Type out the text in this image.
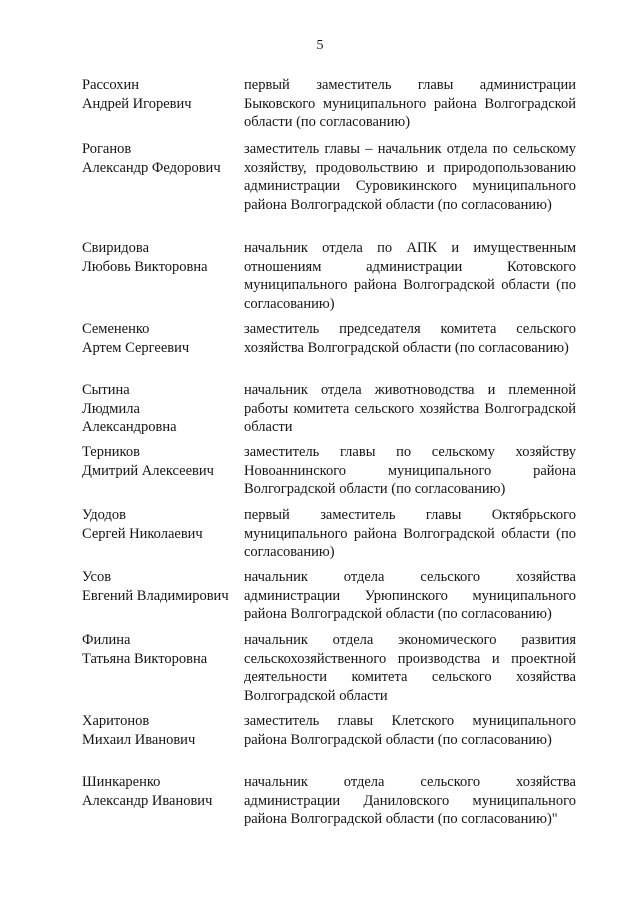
5
Рассохин
Андрей Игоревич
первый заместитель главы администрации Быковского муниципального района Волгоградской области (по согласованию)
Роганов
Александр Федорович
заместитель главы – начальник отдела по сельскому хозяйству, продовольствию и природопользованию администрации Суровикинского муниципального района Волгоградской области (по согласованию)
Свиридова
Любовь Викторовна
начальник отдела по АПК и имущественным отношениям администрации Котовского муниципального района Волгоградской области (по согласованию)
Семененко
Артем Сергеевич
заместитель председателя комитета сельского хозяйства Волгоградской области (по согласованию)
Сытина
Людмила
Александровна
начальник отдела животноводства и племенной работы комитета сельского хозяйства Волгоградской области
Терников
Дмитрий Алексеевич
заместитель главы по сельскому хозяйству Новоаннинского муниципального района Волгоградской области (по согласованию)
Удодов
Сергей Николаевич
первый заместитель главы Октябрьского муниципального района Волгоградской области (по согласованию)
Усов
Евгений Владимирович
начальник отдела сельского хозяйства администрации Урюпинского муниципального района Волгоградской области (по согласованию)
Филина
Татьяна Викторовна
начальник отдела экономического развития сельскохозяйственного производства и проектной деятельности комитета сельского хозяйства Волгоградской области
Харитонов
Михаил Иванович
заместитель главы Клетского муниципального района Волгоградской области (по согласованию)
Шинкаренко
Александр Иванович
начальник отдела сельского хозяйства администрации Даниловского муниципального района Волгоградской области (по согласованию)"
